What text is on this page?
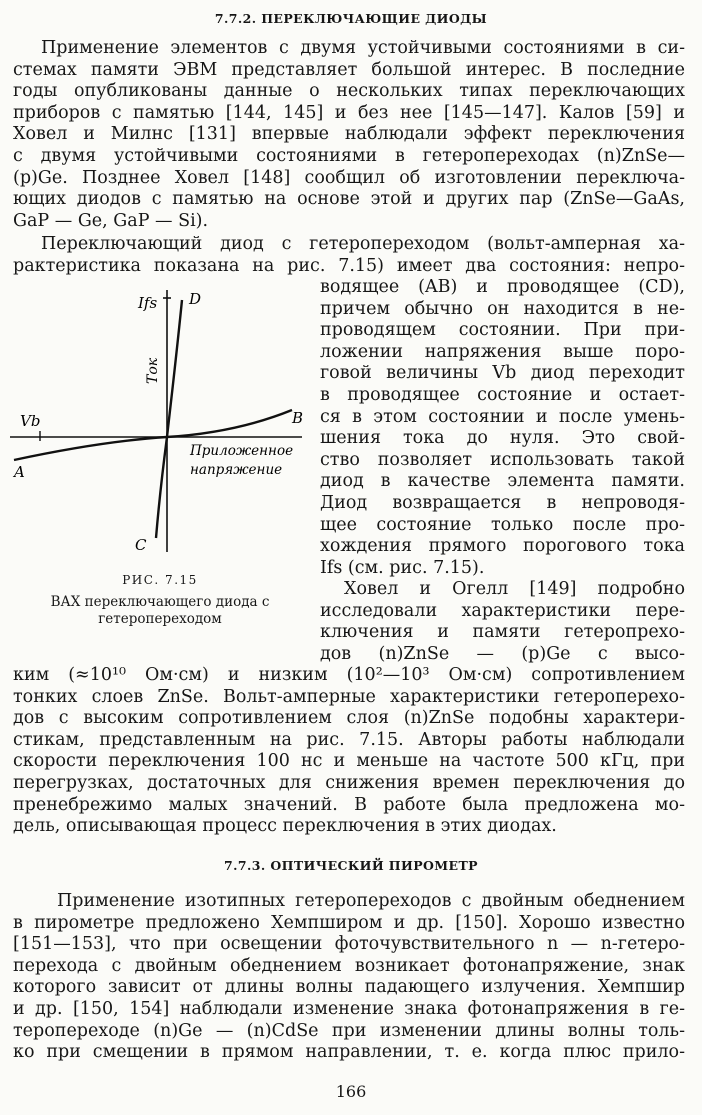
7.7.2. ПЕРЕКЛЮЧАЮЩИЕ ДИОДЫ
Применение элементов с двумя устойчивыми состояниями в си-
стемах памяти ЭВМ представляет большой интерес. В последние
годы опубликованы данные о нескольких типах переключающих
приборов с памятью [144, 145] и без нее [145—147]. Калов [59] и
Ховел и Милнс [131] впервые наблюдали эффект переключения
с двумя устойчивыми состояниями в гетеропереходах (n)ZnSe—
(p)Ge. Позднее Ховел [148] сообщил об изготовлении переключа-
ющих диодов с памятью на основе этой и других пар (ZnSe—GaAs,
GaP — Ge, GaP — Si).
Переключающий диод с гетеропереходом (вольт-амперная ха-
рактеристика показана на рис. 7.15) имеет два состояния: непро-
водящее (AB) и проводящее (CD),
причем обычно он находится в не-
проводящем состоянии. При при-
ложении напряжения выше поро-
говой величины Vb диод переходит
в проводящее состояние и остает-
ся в этом состоянии и после умень-
шения тока до нуля. Это свой-
ство позволяет использовать такой
диод в качестве элемента памяти.
Диод возвращается в непроводя-
щее состояние только после про-
хождения прямого порогового тока
Ifs (см. рис. 7.15).
Ховел и Огелл [149] подробно
исследовали характеристики пере-
ключения и памяти гетеропрехо-
дов (n)ZnSe — (p)Ge с высо-
ким (≈10¹⁰ Ом·см) и низким (10²—10³ Ом·см) сопротивлением
тонких слоев ZnSe. Вольт-амперные характеристики гетероперехо-
дов с высоким сопротивлением слоя (n)ZnSe подобны характери-
стикам, представленным на рис. 7.15. Авторы работы наблюдали
скорости переключения 100 нс и меньше на частоте 500 кГц, при
перегрузках, достаточных для снижения времен переключения до
пренебрежимо малых значений. В работе была предложена мо-
дель, описывающая процесс переключения в этих диодах.
Ifs D
Ток
Vb
A
B
C
Приложенное
напряжение
РИС. 7.15
ВАХ переключающего диода с гетеропереходом
7.7.3. ОПТИЧЕСКИЙ ПИРОМЕТР
Применение изотипных гетеропереходов с двойным обеднением
в пирометре предложено Хемпширом и др. [150]. Хорошо известно
[151—153], что при освещении фоточувствительного n — n-гетеро-
перехода с двойным обеднением возникает фотонапряжение, знак
которого зависит от длины волны падающего излучения. Хемпшир
и др. [150, 154] наблюдали изменение знака фотонапряжения в ге-
теропереходе (n)Ge — (n)CdSe при изменении длины волны толь-
ко при смещении в прямом направлении, т. е. когда плюс прило-
166
